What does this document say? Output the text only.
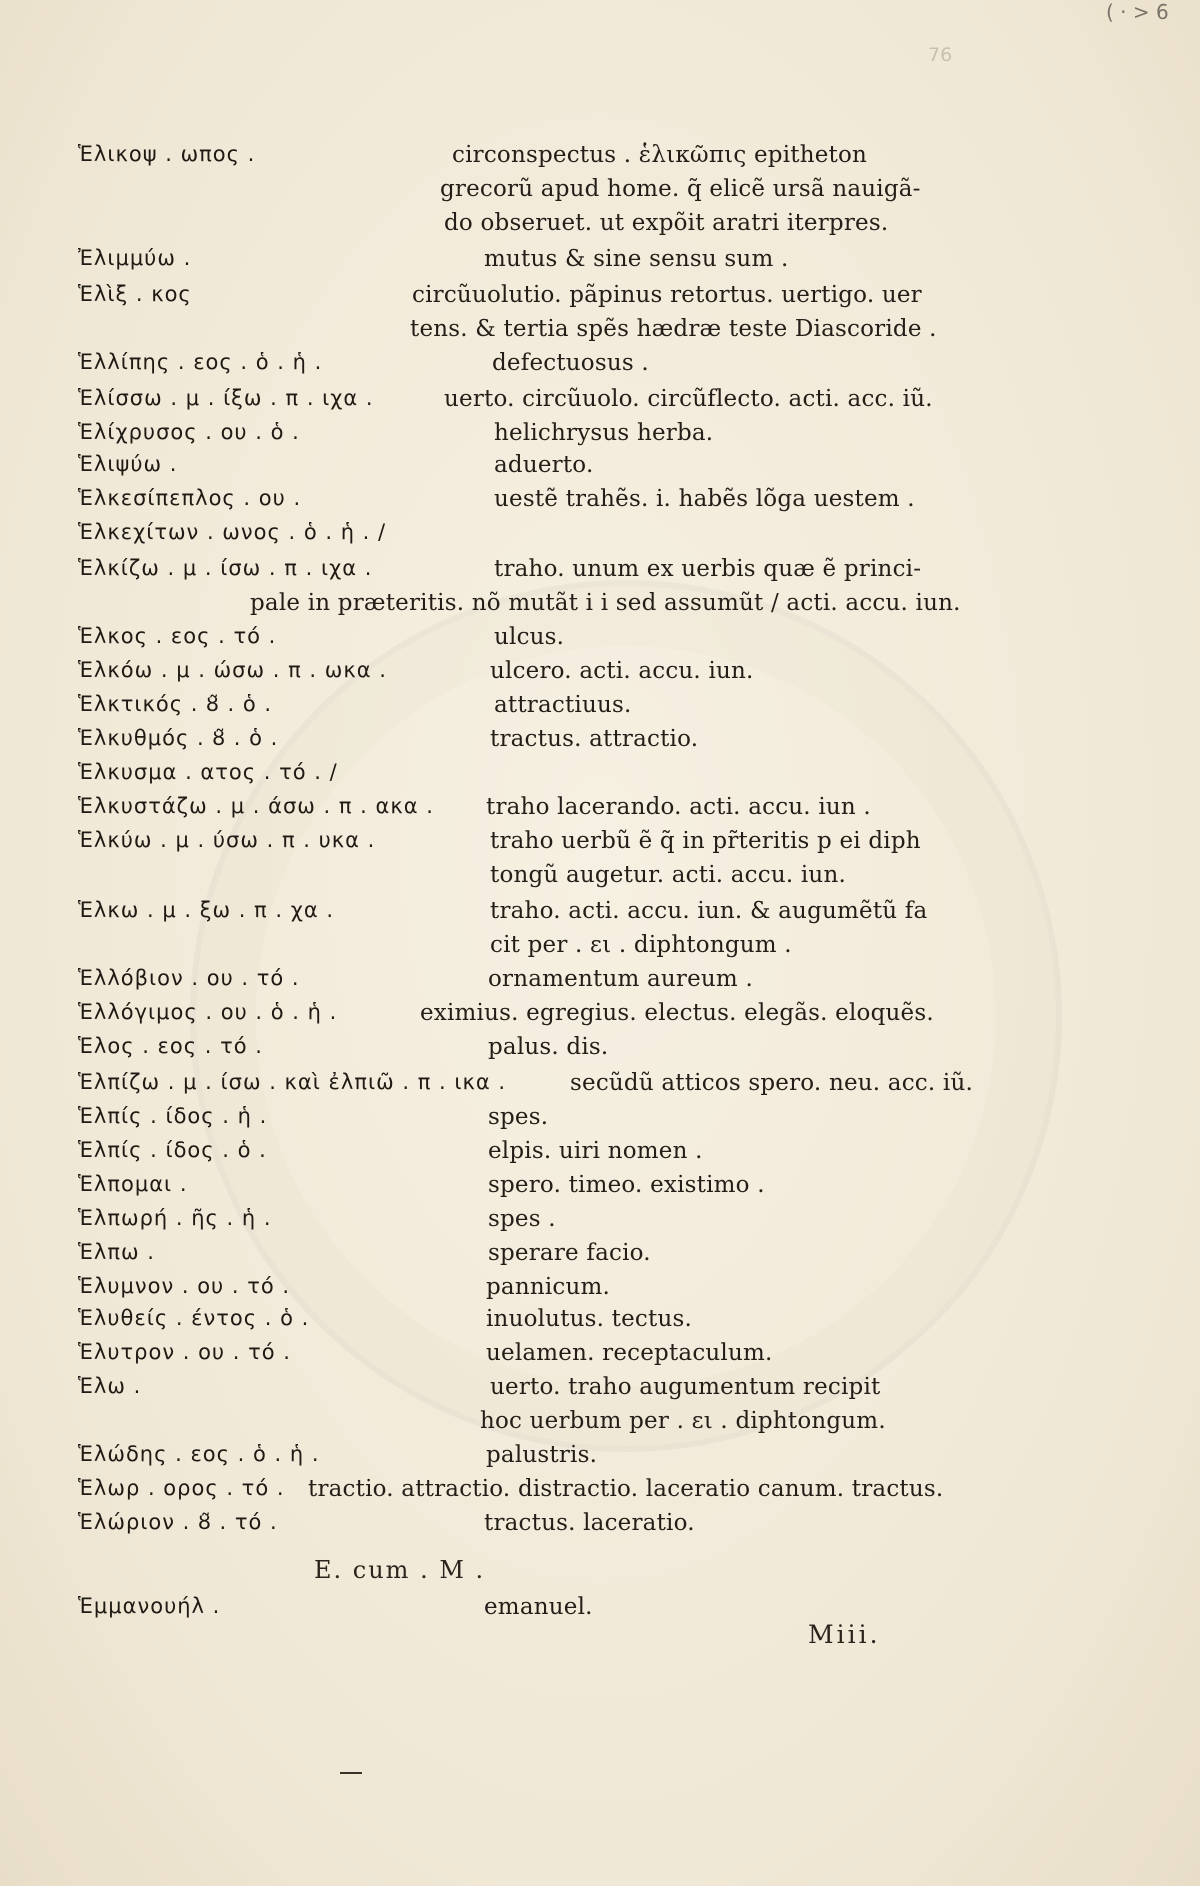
( · > 6
76
Ἑλικοψ . ωπος .	circonspectus . ἑλικῶπις epitheton
grecorũ apud home. q̃ elicẽ ursã nauigã-
do obseruet. ut expõit aratri iterpres.
Ἐλιμμύω .	mutus & sine sensu sum .
Ἑλὶξ . κος	circũuolutio. pãpinus retortus. uertigo. uer
tens. & tertia spẽs hædræ teste Diascoride .
Ἑλλίπης . εος . ὁ . ἡ .	defectuosus .
Ἑλίσσω . μ . ίξω . π . ιχα .	uerto. circũuolo. circũflecto. acti. acc. iũ.
Ἑλίχρυσος . ου . ὁ .	helichrysus herba.
Ἑλιψύω .	aduerto.
Ἑλκεσίπεπλος . ου .	uestẽ trahẽs. i. habẽs lõga uestem .
Ἑλκεχίτων . ωνος . ὁ . ἡ . /
Ἑλκίζω . μ . ίσω . π . ιχα .	traho. unum ex uerbis quæ ẽ princi-
pale in præteritis. nõ mutãt i i sed assumũt / acti. accu. iun.
Ἑλκος . εος . τό .	ulcus.
Ἑλκόω . μ . ώσω . π . ωκα .	ulcero. acti. accu. iun.
Ἑλκτικός . ȣ̃ . ὁ .	attractiuus.
Ἑλκυθμός . ȣ̃ . ὁ .	tractus. attractio.
Ἑλκυσμα . ατος . τό . /
Ἑλκυστάζω . μ . άσω . π . ακα . traho lacerando. acti. accu. iun .
Ἑλκύω . μ . ύσω . π . υκα .	traho uerbũ ẽ q̃ in pr̃teritis p ei diph
tongũ augetur. acti. accu. iun.
Ἑλκω . μ . ξω . π . χα .	traho. acti. accu. iun. & augumẽtũ fa
cit per . ει . diphtongum .
Ἑλλόβιον . ου . τό .	ornamentum aureum .
Ἑλλόγιμος . ου . ὁ . ἡ .	eximius. egregius. electus. elegãs. eloquẽs.
Ἑλος . εος . τό .	palus. dis.
Ἑλπίζω . μ . ίσω . καὶ ἐλπιῶ . π . ικα .	secũdũ atticos spero. neu. acc. iũ.
Ἑλπίς . ίδος . ἡ .	spes.
Ἑλπίς . ίδος . ὁ .	elpis. uiri nomen .
Ἑλπομαι .	spero. timeo. existimo .
Ἑλπωρή . ῆς . ἡ .	spes .
Ἑλπω .	sperare facio.
Ἑλυμνον . ου . τό .	pannicum.
Ἑλυθείς . έντος . ὁ .	inuolutus. tectus.
Ἑλυτρον . ου . τό .	uelamen. receptaculum.
Ἑλω .	uerto. traho augumentum recipit
hoc uerbum per . ει . diphtongum.
Ἑλώδης . εος . ὁ . ἡ .	palustris.
Ἑλωρ . ορος . τό . tractio. attractio. distractio. laceratio canum. tractus.
Ἑλώριον . ȣ̃ . τό .	tractus. laceratio.
E. cum . M .
Ἑμμανουήλ .	emanuel.
Miii.
